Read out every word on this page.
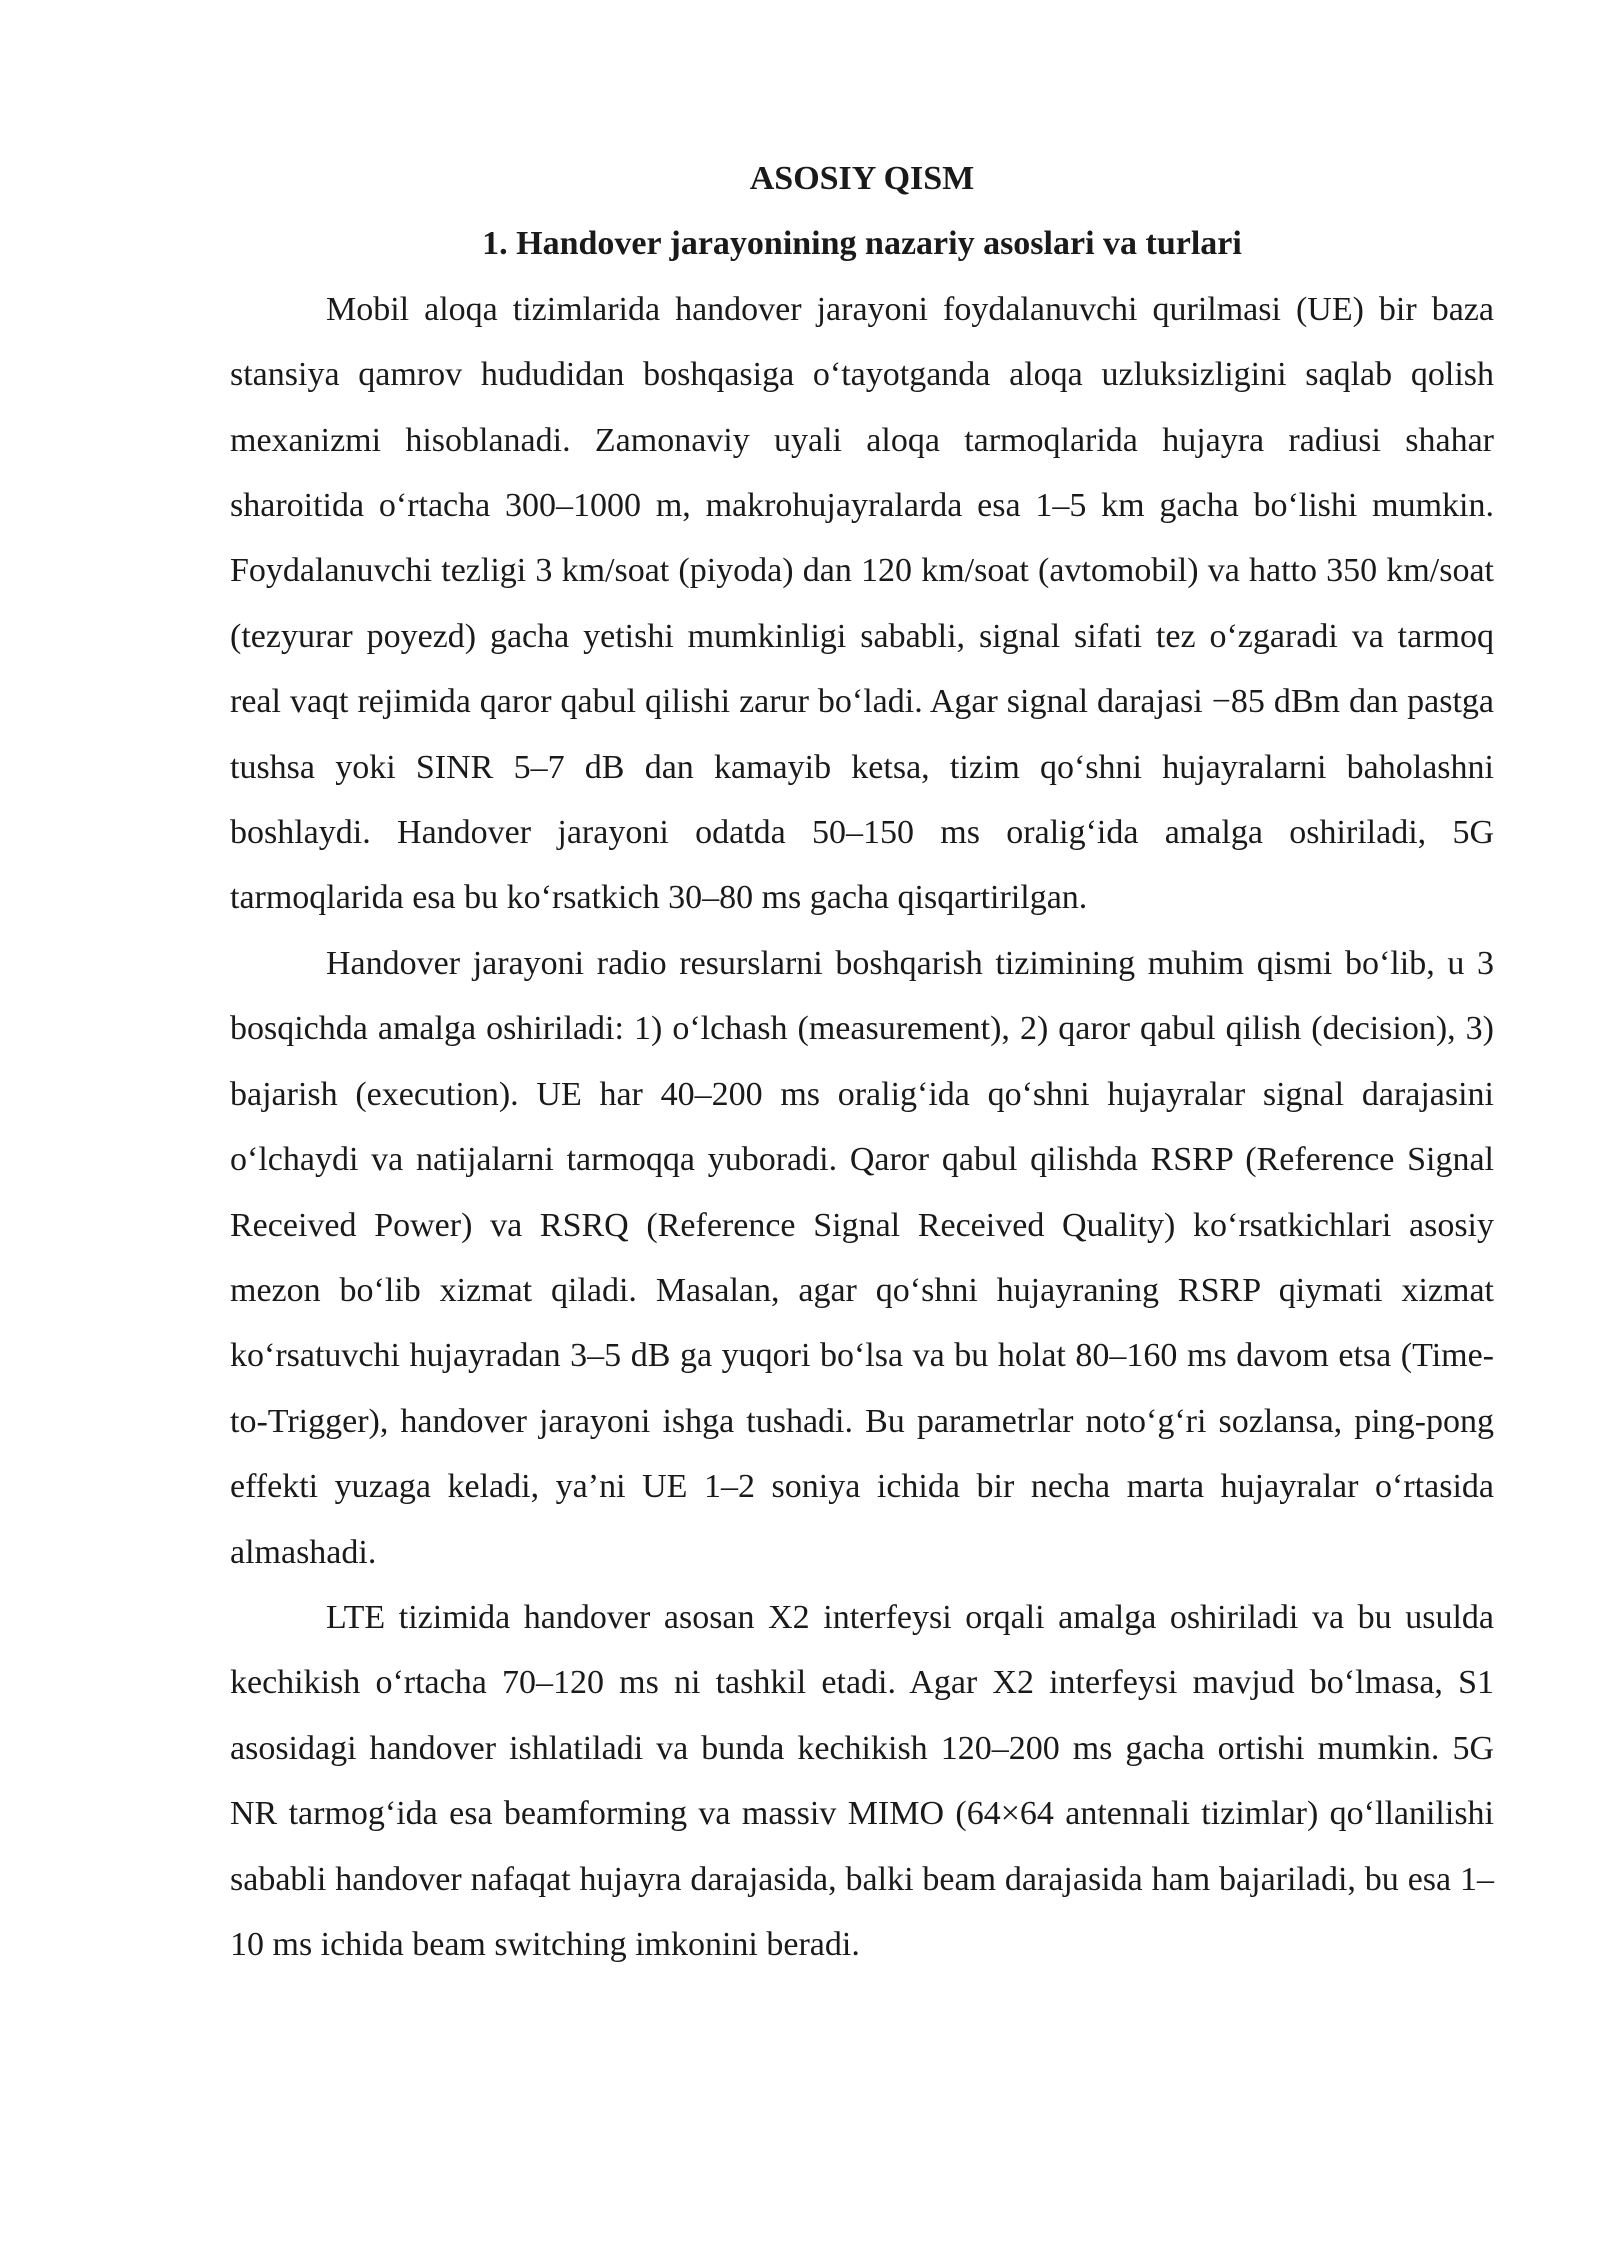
ASOSIY QISM
1. Handover jarayonining nazariy asoslari va turlari

Mobil aloqa tizimlarida handover jarayoni foydalanuvchi qurilmasi (UE) bir baza stansiya qamrov hududidan boshqasiga o‘tayotganda aloqa uzluksizligini saqlab qolish mexanizmi hisoblanadi. Zamonaviy uyali aloqa tarmoqlarida hujayra radiusi shahar sharoitida o‘rtacha 300–1000 m, makrohujayralarda esa 1–5 km gacha bo‘lishi mumkin. Foydalanuvchi tezligi 3 km/soat (piyoda) dan 120 km/soat (avtomobil) va hatto 350 km/soat (tezyurar poyezd) gacha yetishi mumkinligi sababli, signal sifati tez o‘zgaradi va tarmoq real vaqt rejimida qaror qabul qilishi zarur bo‘ladi. Agar signal darajasi −85 dBm dan pastga tushsa yoki SINR 5–7 dB dan kamayib ketsa, tizim qo‘shni hujayralarni baholashni boshlaydi. Handover jarayoni odatda 50–150 ms oralig‘ida amalga oshiriladi, 5G tarmoqlarida esa bu ko‘rsatkich 30–80 ms gacha qisqartirilgan.

Handover jarayoni radio resurslarni boshqarish tizimining muhim qismi bo‘lib, u 3 bosqichda amalga oshiriladi: 1) o‘lchash (measurement), 2) qaror qabul qilish (decision), 3) bajarish (execution). UE har 40–200 ms oralig‘ida qo‘shni hujayralar signal darajasini o‘lchaydi va natijalarni tarmoqqa yuboradi. Qaror qabul qilishda RSRP (Reference Signal Received Power) va RSRQ (Reference Signal Received Quality) ko‘rsatkichlari asosiy mezon bo‘lib xizmat qiladi. Masalan, agar qo‘shni hujayraning RSRP qiymati xizmat ko‘rsatuvchi hujayradan 3–5 dB ga yuqori bo‘lsa va bu holat 80–160 ms davom etsa (Time-to-Trigger), handover jarayoni ishga tushadi. Bu parametrlar noto‘g‘ri sozlansa, ping-pong effekti yuzaga keladi, ya’ni UE 1–2 soniya ichida bir necha marta hujayralar o‘rtasida almashadi.

LTE tizimida handover asosan X2 interfeysi orqali amalga oshiriladi va bu usulda kechikish o‘rtacha 70–120 ms ni tashkil etadi. Agar X2 interfeysi mavjud bo‘lmasa, S1 asosidagi handover ishlatiladi va bunda kechikish 120–200 ms gacha ortishi mumkin. 5G NR tarmog‘ida esa beamforming va massiv MIMO (64×64 antennali tizimlar) qo‘llanilishi sababli handover nafaqat hujayra darajasida, balki beam darajasida ham bajariladi, bu esa 1–10 ms ichida beam switching imkonini beradi.
